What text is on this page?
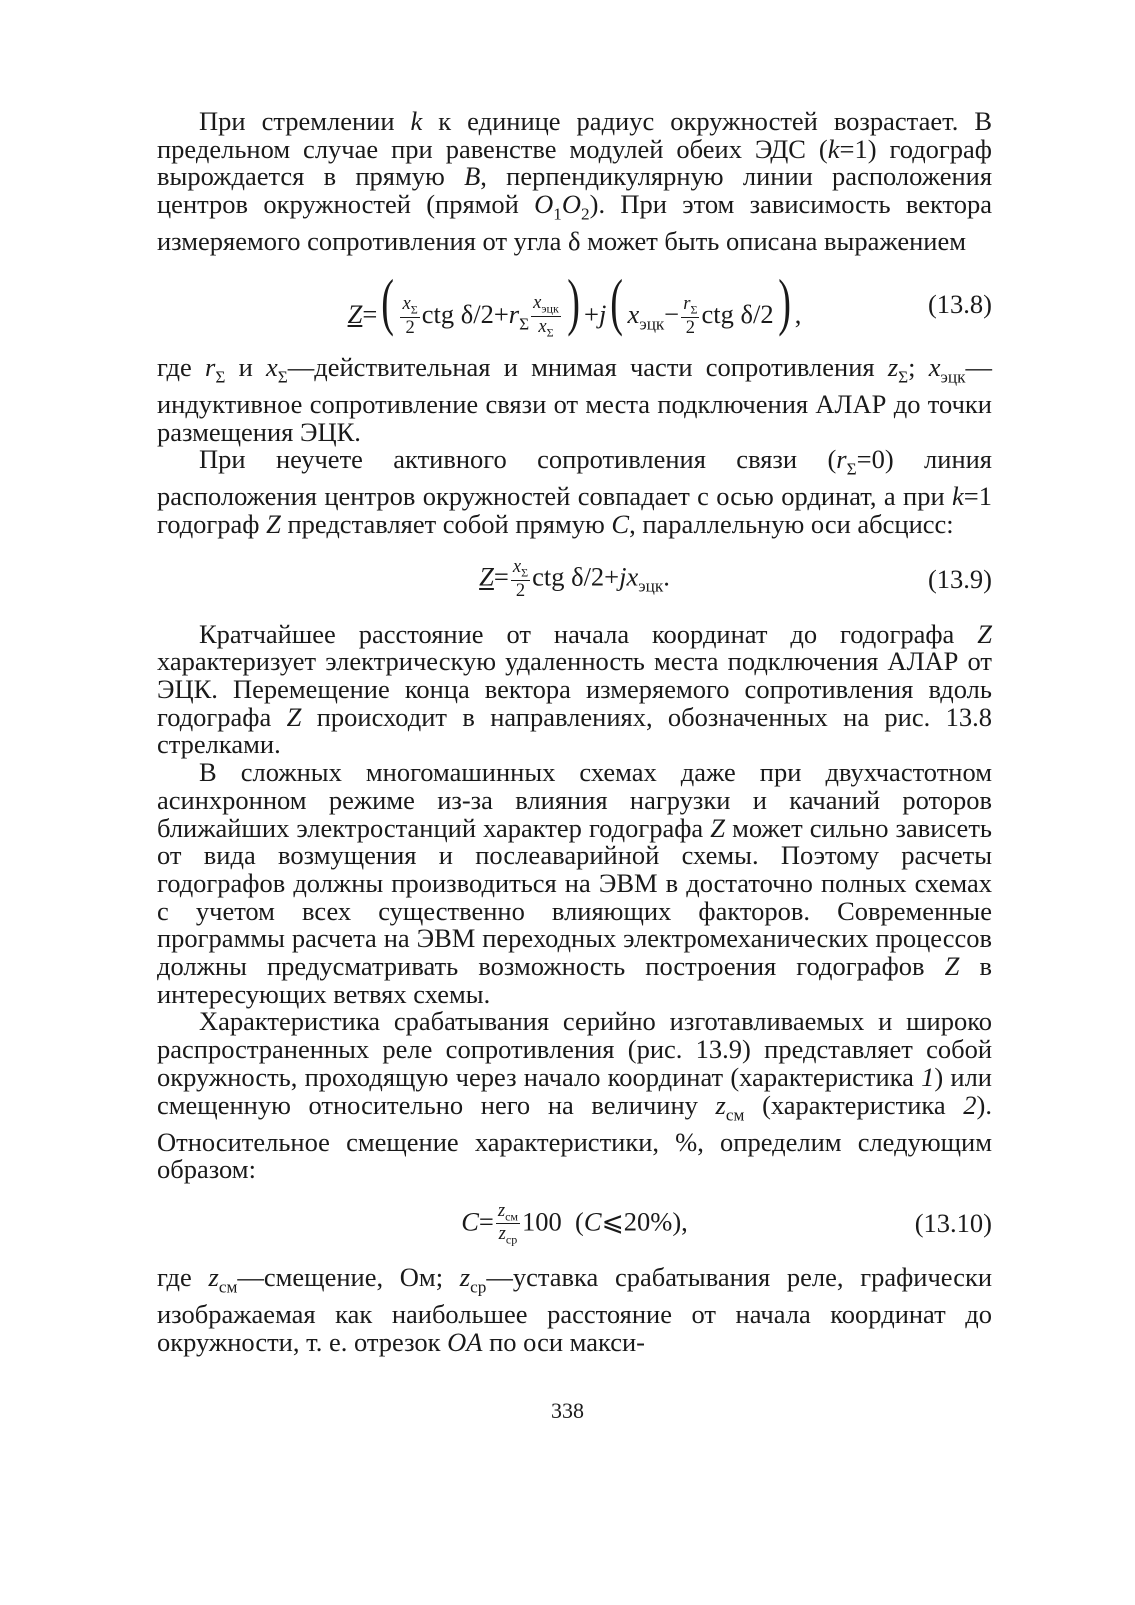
При стремлении k к единице радиус окружностей возрастает. В предельном случае при равенстве модулей обеих ЭДС (k=1) годограф вырождается в прямую B, перпендикулярную линии расположения центров окружностей (прямой $O_1O_2$). При этом зависимость вектора измеряемого сопротивления от угла δ может быть описана выражением

$Z=( \frac{x_\Sigma}{2}$ ctg $\delta/2+r_\Sigma \frac{x_{эцк}}{x_\Sigma}$ ) +j( $x_{эцк}- \frac{r_\Sigma}{2}$ ctg δ/2) ,	(13.8)

где $r_\Sigma$ и $x_\Sigma—действительная$ и мнимая части сопротивления $z_\Sigma$; $x_{эцк}—индуктивное$ сопротивление связи от места подключения АЛАР до точки размещения ЭЦК.

При неучете активного сопротивления связи $(r_\Sigma=0)$ линия расположения центров окружностей совпадает с осью ординат, а при k=1 годограф Z представляет собой прямую C, параллельную оси абсцисс:

$Z= \frac{x_\Sigma}{2}$ ctg $\delta/2+jx_{эцк}$.	(13.9)

Кратчайшее расстояние от начала координат до годографа Z характеризует электрическую удаленность места подключения АЛАР от ЭЦК. Перемещение конца вектора измеряемого сопротивления вдоль годографа Z происходит в направлениях, обозначенных на рис. 13.8 стрелками.

В сложных многомашинных схемах даже при двухчастотном асинхронном режиме из-за влияния нагрузки и качаний роторов ближайших электростанций характер годографа Z может сильно зависеть от вида возмущения и послеаварийной схемы. Поэтому расчеты годографов должны производиться на ЭВМ в достаточно полных схемах с учетом всех существенно влияющих факторов. Современные программы расчета на ЭВМ переходных электромеханических процессов должны предусматривать возможность построения годографов Z в интересующих ветвях схемы.

Характеристика срабатывания серийно изготавливаемых и широко распространенных реле сопротивления (рис. 13.9) представляет собой окружность, проходящую через начало координат (характеристика 1) или смещенную относительно него на величину $z_{см}$ (характеристика 2). Относительное смещение характеристики, %, определим следующим образом:

$C= \frac{z_{см}}{z_{ср}} 100$  (C⩽20%),	(13.10)

где $z_{см}—смещение$, Ом; $z_{ср}—уставка$ срабатывания реле, графически изображаемая как наибольшее расстояние от начала координат до окружности, т. е. отрезок OA по оси макси-

338
